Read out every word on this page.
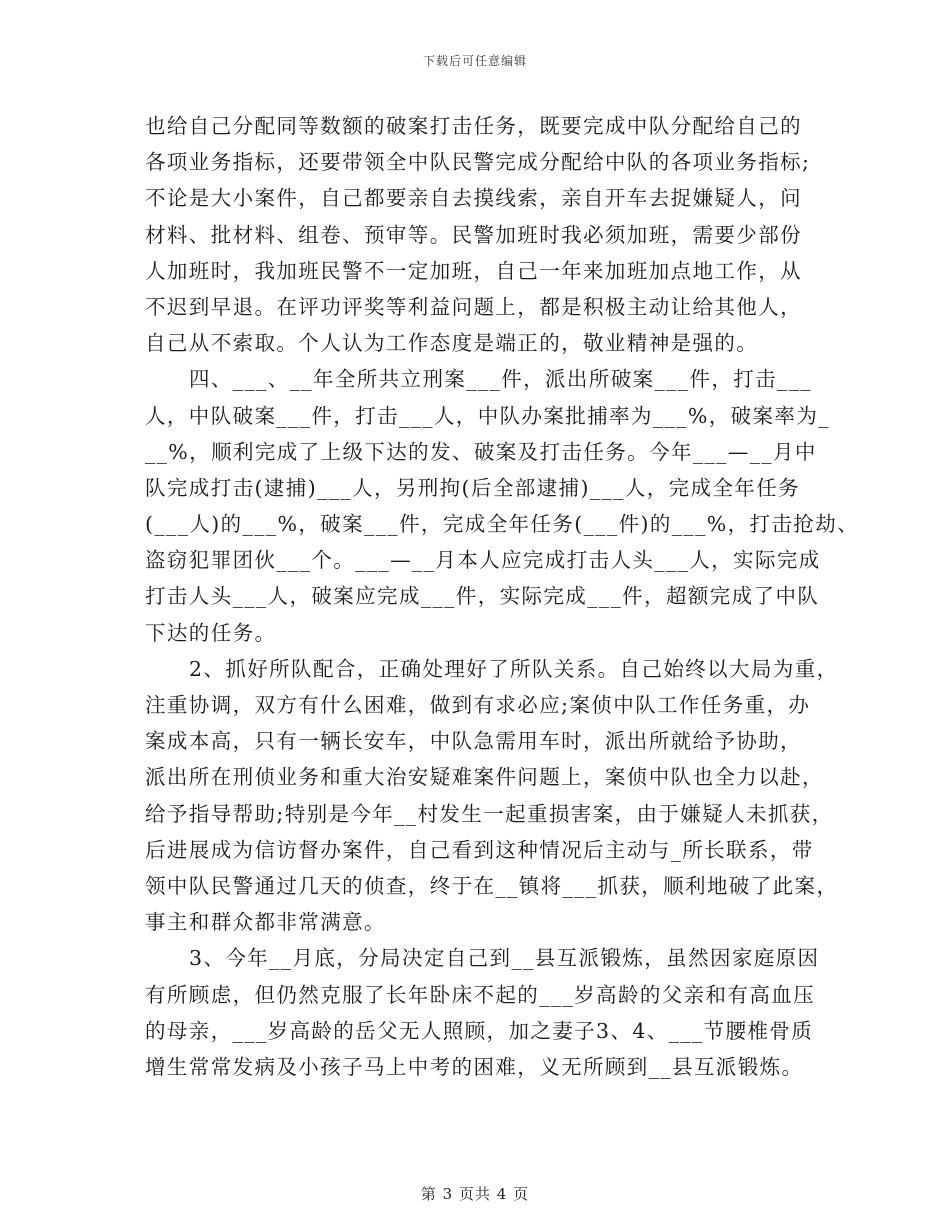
下载后可任意编辑
也给自己分配同等数额的破案打击任务，既要完成中队分配给自己的
各项业务指标，还要带领全中队民警完成分配给中队的各项业务指标;
不论是大小案件，自己都要亲自去摸线索，亲自开车去捉嫌疑人，问
材料、批材料、组卷、预审等。民警加班时我必须加班，需要少部份
人加班时，我加班民警不一定加班，自己一年来加班加点地工作，从
不迟到早退。在评功评奖等利益问题上，都是积极主动让给其他人，
自己从不索取。个人认为工作态度是端正的，敬业精神是强的。
四、___、__年全所共立刑案___件，派出所破案___件，打击___
人，中队破案___件，打击___人，中队办案批捕率为___%，破案率为_
__%，顺利完成了上级下达的发、破案及打击任务。今年___—__月中
队完成打击(逮捕)___人，另刑拘(后全部逮捕)___人，完成全年任务
(___人)的___%，破案___件，完成全年任务(___件)的___%，打击抢劫、
盗窃犯罪团伙___个。___—__月本人应完成打击人头___人，实际完成
打击人头___人，破案应完成___件，实际完成___件，超额完成了中队
下达的任务。
2、抓好所队配合，正确处理好了所队关系。自己始终以大局为重，
注重协调，双方有什么困难，做到有求必应;案侦中队工作任务重，办
案成本高，只有一辆长安车，中队急需用车时，派出所就给予协助，
派出所在刑侦业务和重大治安疑难案件问题上，案侦中队也全力以赴，
给予指导帮助;特别是今年__村发生一起重损害案，由于嫌疑人未抓获，
后进展成为信访督办案件，自己看到这种情况后主动与_所长联系，带
领中队民警通过几天的侦查，终于在__镇将___抓获，顺利地破了此案，
事主和群众都非常满意。
3、今年__月底，分局决定自己到__县互派锻炼，虽然因家庭原因
有所顾虑，但仍然克服了长年卧床不起的___岁高龄的父亲和有高血压
的母亲，___岁高龄的岳父无人照顾，加之妻子3、4、___节腰椎骨质
增生常常发病及小孩子马上中考的困难，义无所顾到__县互派锻炼。
第 3 页共 4 页
